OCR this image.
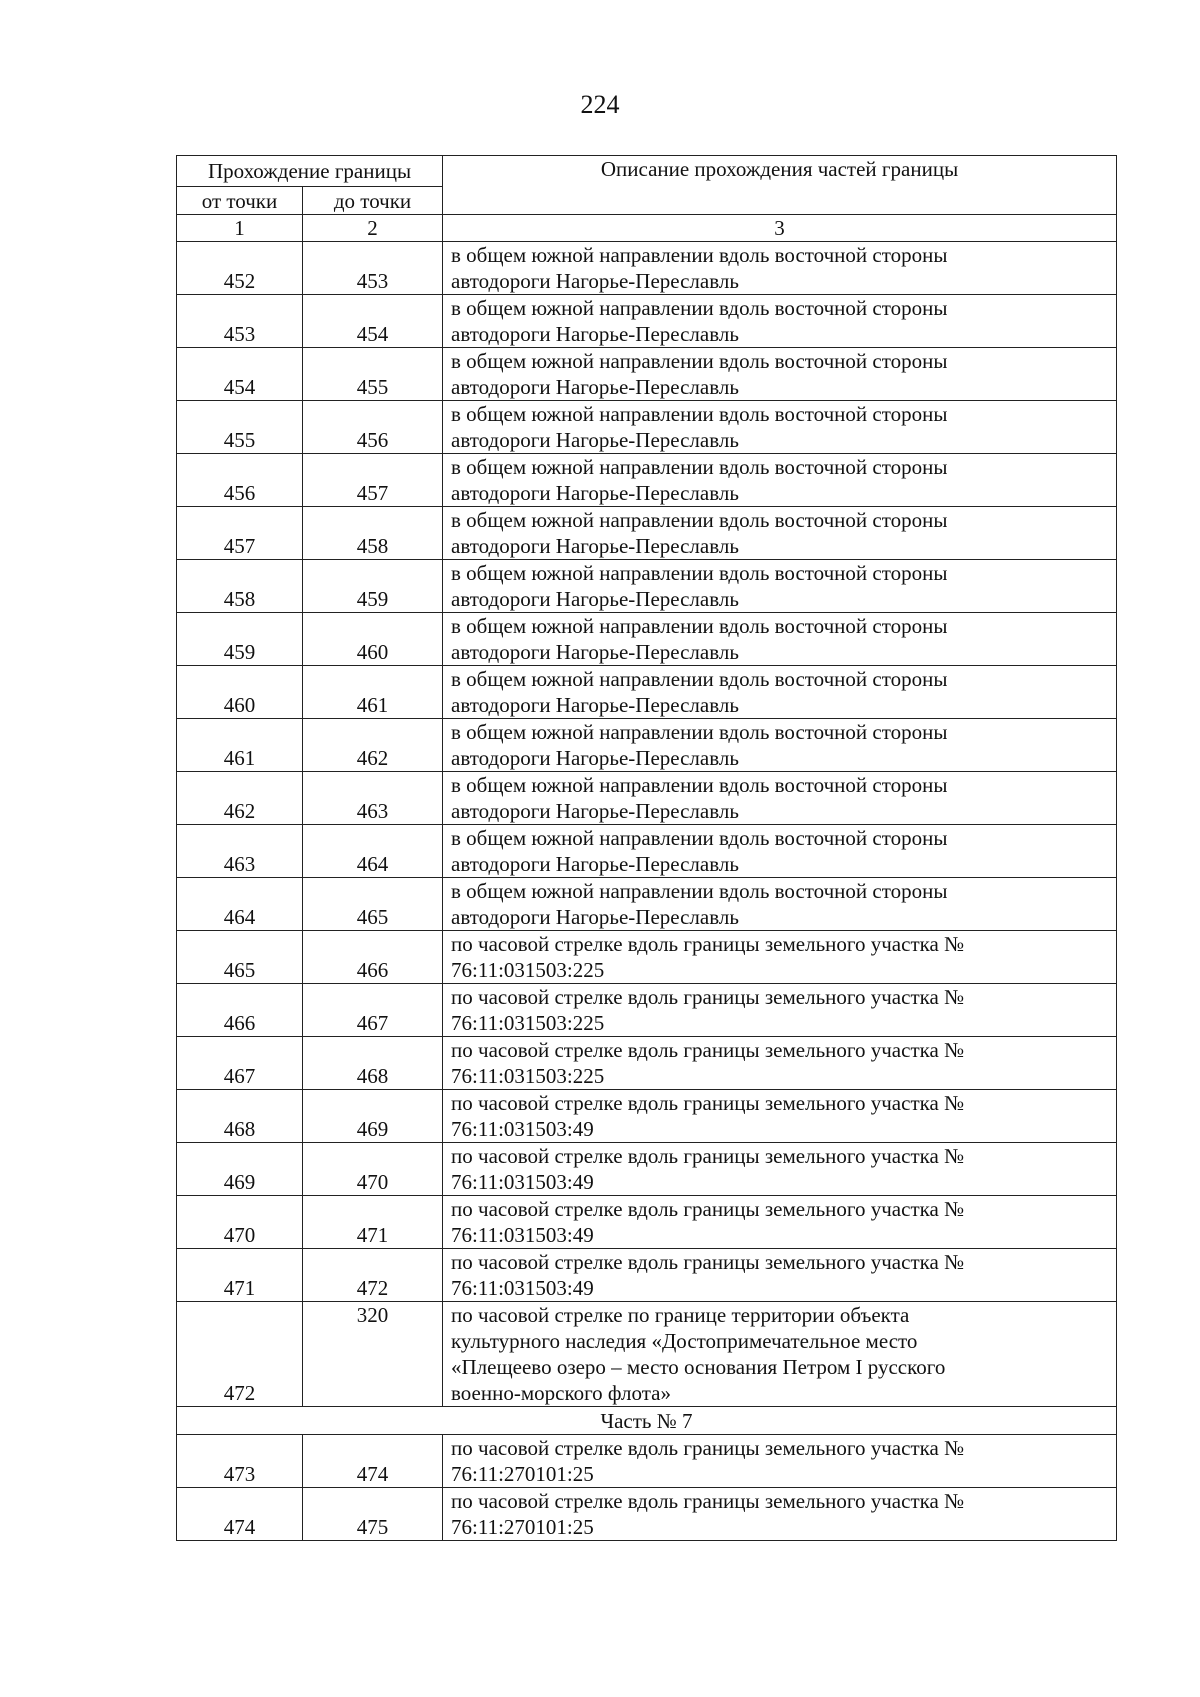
224
Прохождение границы		Описание прохождения частей границы
от точки	до точки	
1	2	3
452	453	в общем южной направлении вдоль восточной стороны
автодороги Нагорье-Переславль

453	454	в общем южной направлении вдоль восточной стороны
автодороги Нагорье-Переславль

454	455	в общем южной направлении вдоль восточной стороны
автодороги Нагорье-Переславль

455	456	в общем южной направлении вдоль восточной стороны
автодороги Нагорье-Переславль

456	457	в общем южной направлении вдоль восточной стороны
автодороги Нагорье-Переславль

457	458	в общем южной направлении вдоль восточной стороны
автодороги Нагорье-Переславль

458	459	в общем южной направлении вдоль восточной стороны
автодороги Нагорье-Переславль

459	460	в общем южной направлении вдоль восточной стороны
автодороги Нагорье-Переславль

460	461	в общем южной направлении вдоль восточной стороны
автодороги Нагорье-Переславль

461	462	в общем южной направлении вдоль восточной стороны
автодороги Нагорье-Переславль

462	463	в общем южной направлении вдоль восточной стороны
автодороги Нагорье-Переславль

463	464	в общем южной направлении вдоль восточной стороны
автодороги Нагорье-Переславль

464	465	в общем южной направлении вдоль восточной стороны
автодороги Нагорье-Переславль

465	466	по часовой стрелке вдоль границы земельного участка №
76:11:031503:225

466	467	по часовой стрелке вдоль границы земельного участка №
76:11:031503:225

467	468	по часовой стрелке вдоль границы земельного участка №
76:11:031503:225

468	469	по часовой стрелке вдоль границы земельного участка №
76:11:031503:49

469	470	по часовой стрелке вдоль границы земельного участка №
76:11:031503:49

470	471	по часовой стрелке вдоль границы земельного участка №
76:11:031503:49

471	472	по часовой стрелке вдоль границы земельного участка №
76:11:031503:49

472	320	по часовой стрелке по границе территории объекта
культурного наследия «Достопримечательное место
«Плещеево озеро – место основания Петром I русского
военно-морского флота»

Часть № 7		
473	474	по часовой стрелке вдоль границы земельного участка №
76:11:270101:25

474	475	по часовой стрелке вдоль границы земельного участка №
76:11:270101:25
